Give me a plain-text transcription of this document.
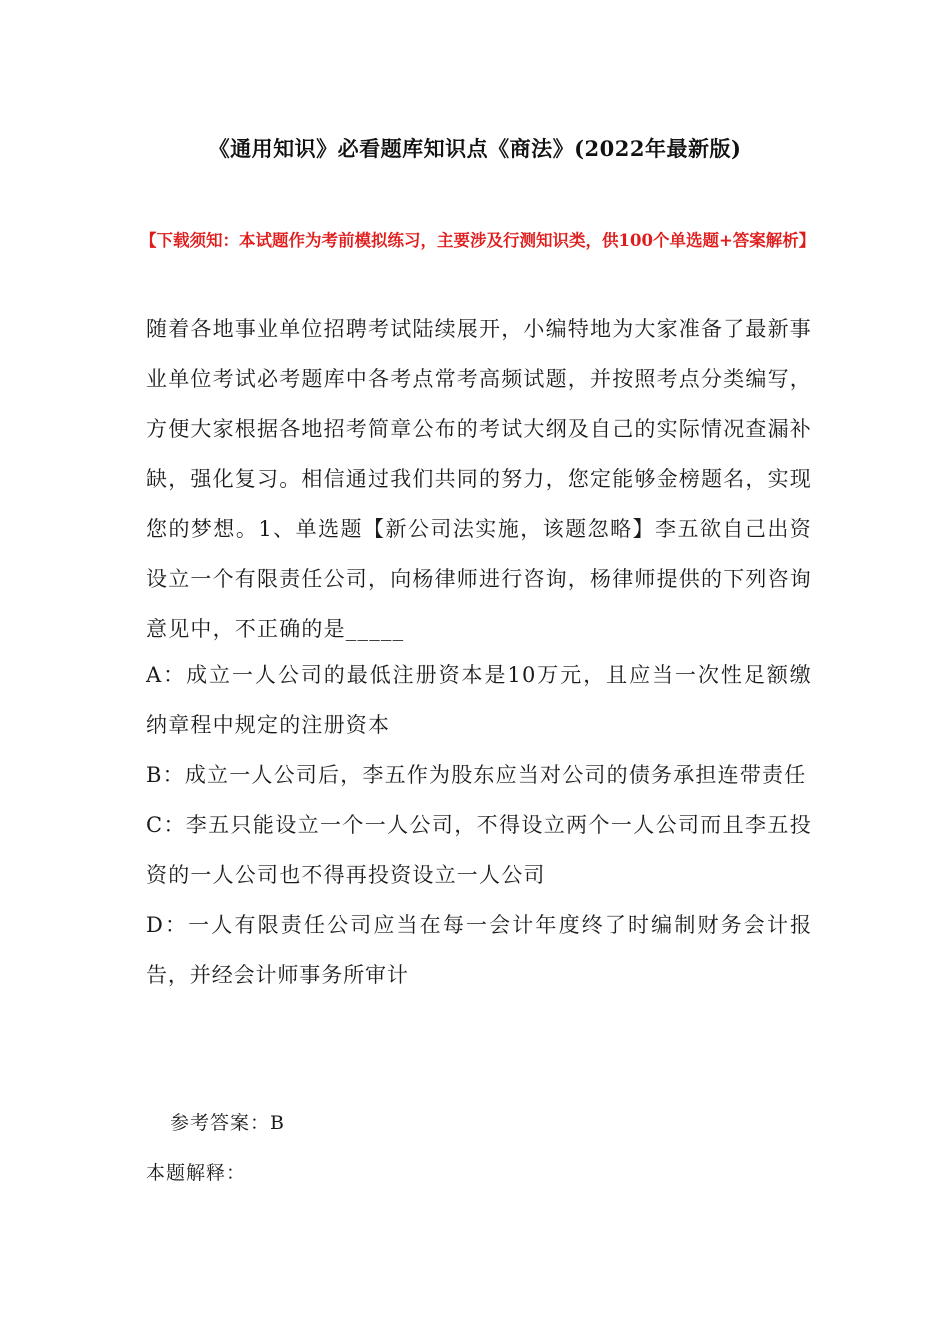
《通用知识》必看题库知识点《商法》(2022年最新版)
【下载须知：本试题作为考前模拟练习，主要涉及行测知识类，供100个单选题+答案解析】
随着各地事业单位招聘考试陆续展开，小编特地为大家准备了最新事业单位考试必考题库中各考点常考高频试题，并按照考点分类编写，方便大家根据各地招考简章公布的考试大纲及自己的实际情况查漏补缺，强化复习。相信通过我们共同的努力，您定能够金榜题名，实现您的梦想。1、单选题【新公司法实施，该题忽略】李五欲自己出资设立一个有限责任公司，向杨律师进行咨询，杨律师提供的下列咨询意见中，不正确的是_____
A：成立一人公司的最低注册资本是10万元，且应当一次性足额缴纳章程中规定的注册资本
B：成立一人公司后，李五作为股东应当对公司的债务承担连带责任
C：李五只能设立一个一人公司，不得设立两个一人公司而且李五投资的一人公司也不得再投资设立一人公司
D：一人有限责任公司应当在每一会计年度终了时编制财务会计报告，并经会计师事务所审计
参考答案：B
本题解释：
